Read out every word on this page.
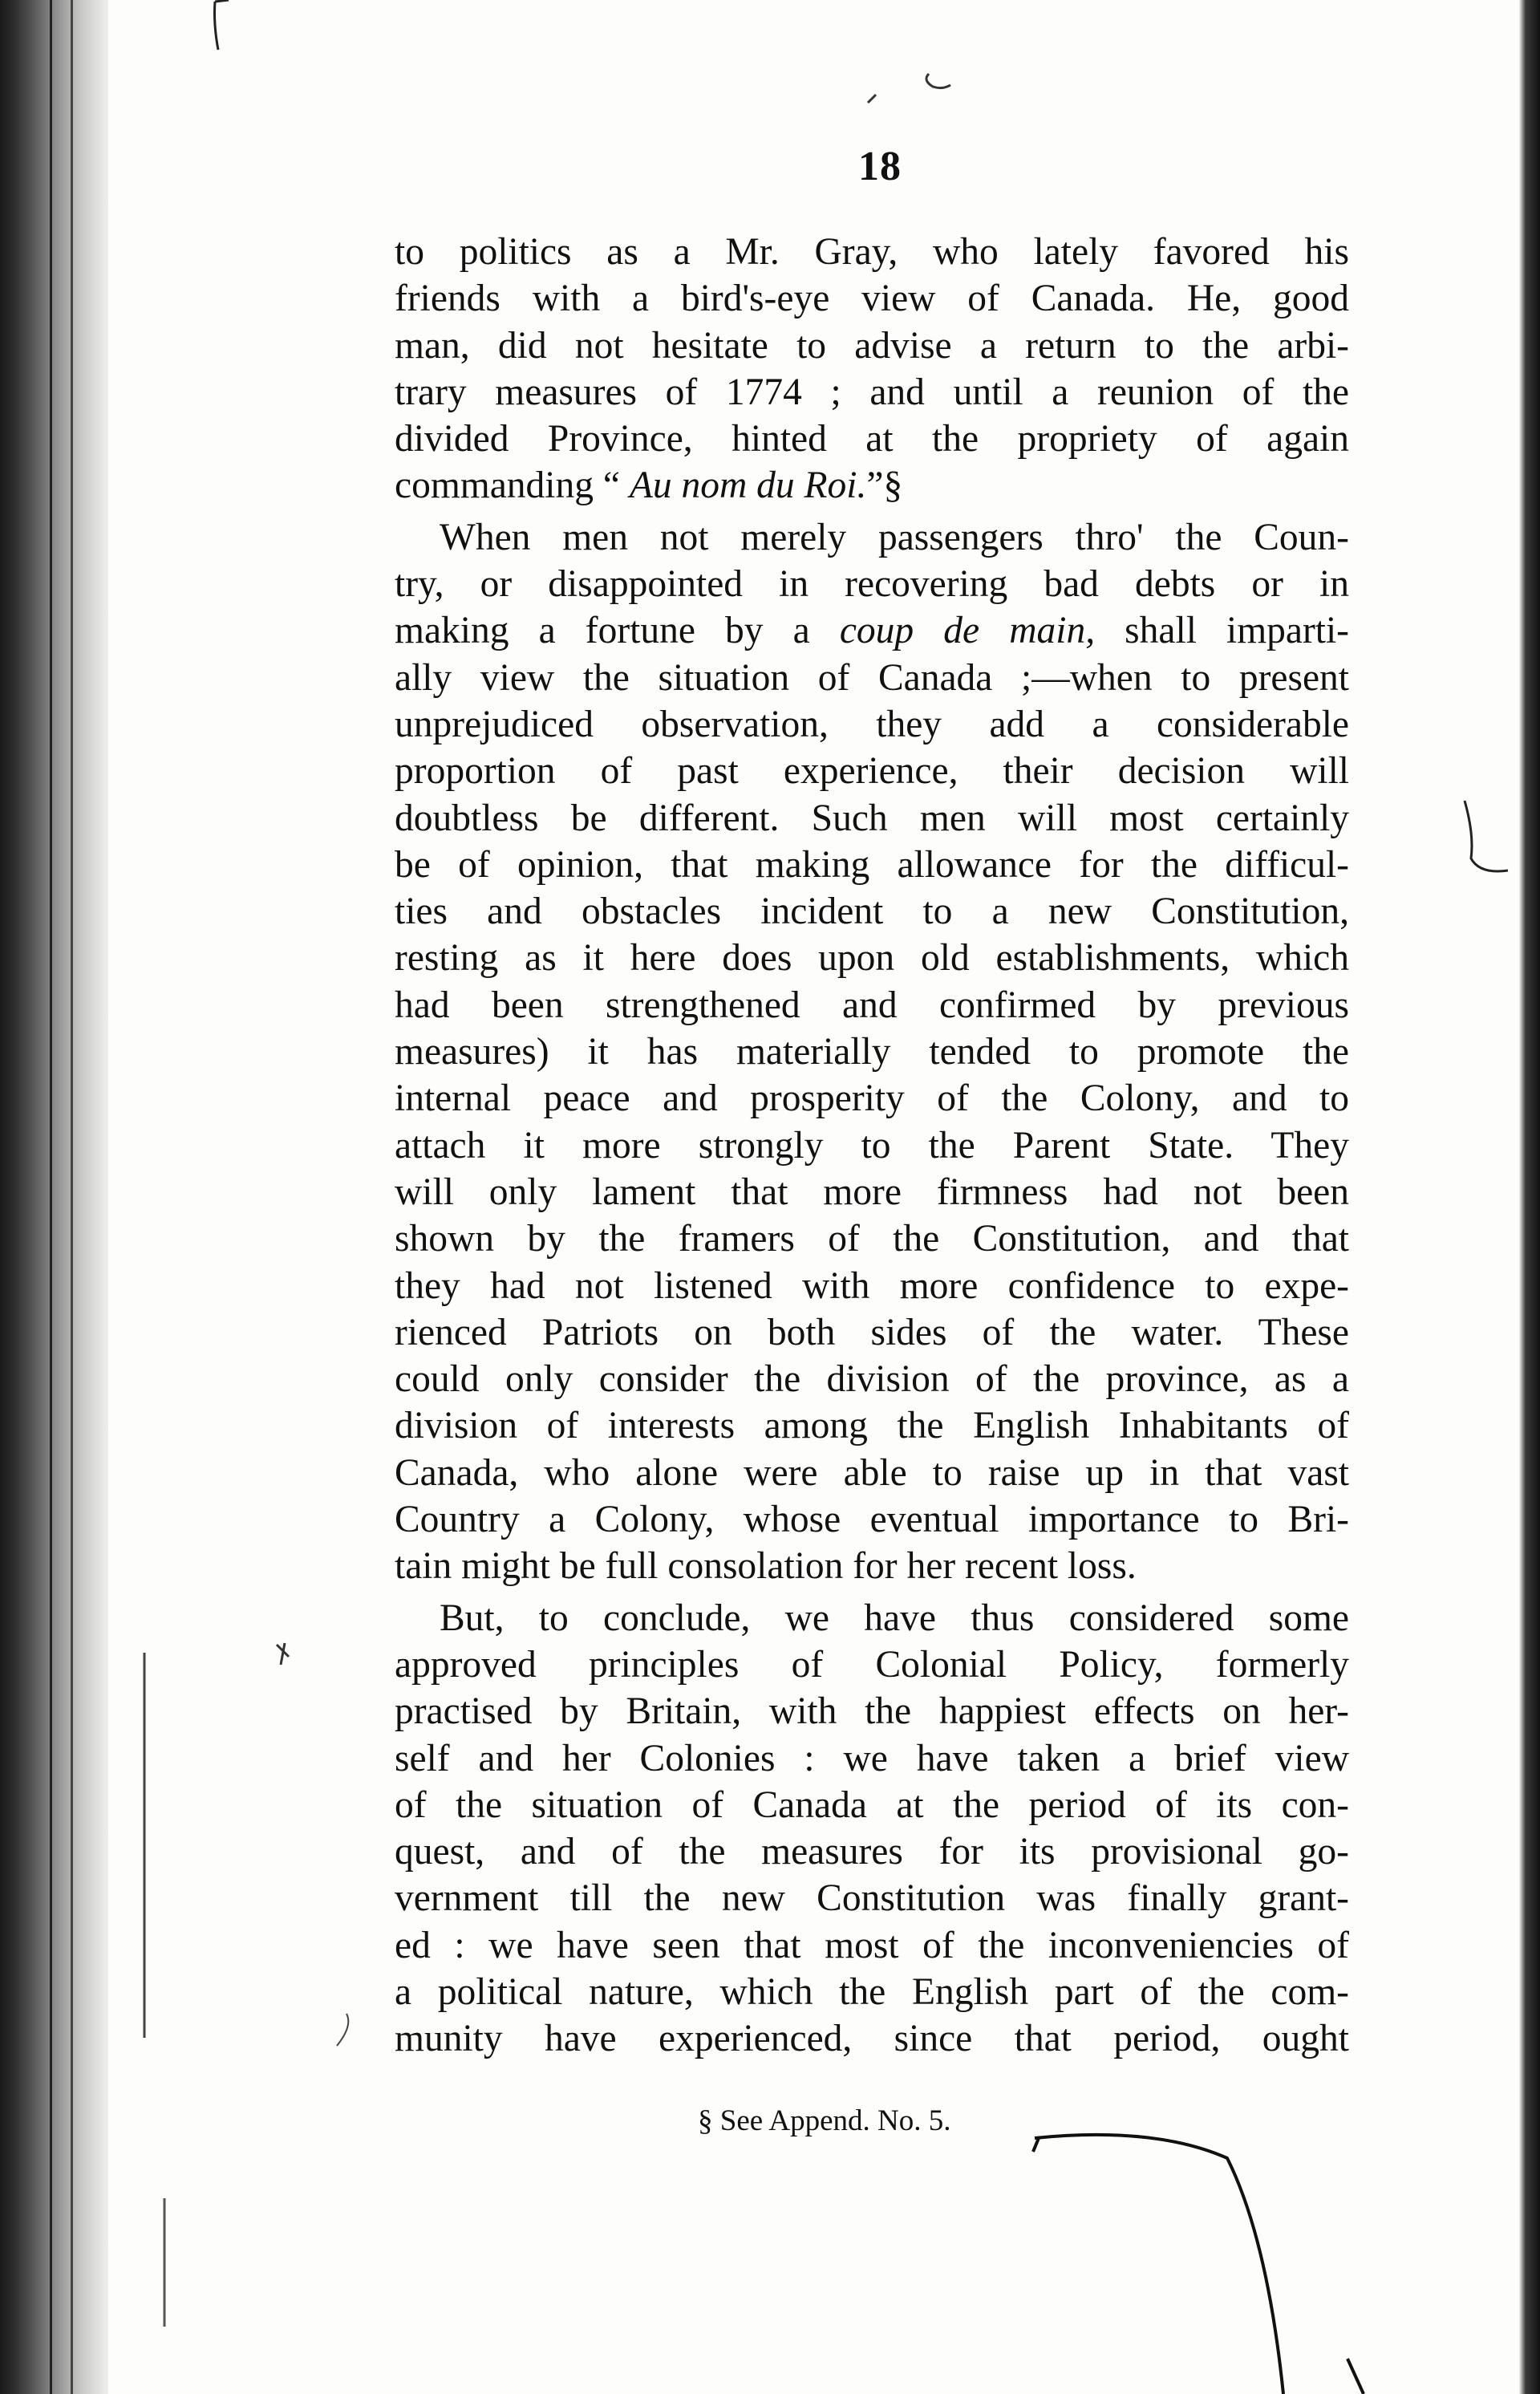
18
to politics as a Mr. Gray, who lately favored his
friends with a bird's-eye view of Canada. He, good
man, did not hesitate to advise a return to the arbi-
trary measures of 1774 ; and until a reunion of the
divided Province, hinted at the propriety of again
commanding “ Au nom du Roi.”§
When men not merely passengers thro' the Coun-
try, or disappointed in recovering bad debts or in
making a fortune by a coup de main, shall imparti-
ally view the situation of Canada ;—when to present
unprejudiced observation, they add a considerable
proportion of past experience, their decision will
doubtless be different. Such men will most certainly
be of opinion, that making allowance for the difficul-
ties and obstacles incident to a new Constitution,
resting as it here does upon old establishments, which
had been strengthened and confirmed by previous
measures) it has materially tended to promote the
internal peace and prosperity of the Colony, and to
attach it more strongly to the Parent State. They
will only lament that more firmness had not been
shown by the framers of the Constitution, and that
they had not listened with more confidence to expe-
rienced Patriots on both sides of the water. These
could only consider the division of the province, as a
division of interests among the English Inhabitants of
Canada, who alone were able to raise up in that vast
Country a Colony, whose eventual importance to Bri-
tain might be full consolation for her recent loss.
But, to conclude, we have thus considered some
approved principles of Colonial Policy, formerly
practised by Britain, with the happiest effects on her-
self and her Colonies : we have taken a brief view
of the situation of Canada at the period of its con-
quest, and of the measures for its provisional go-
vernment till the new Constitution was finally grant-
ed : we have seen that most of the inconveniencies of
a political nature, which the English part of the com-
munity have experienced, since that period, ought
§ See Append. No. 5.
